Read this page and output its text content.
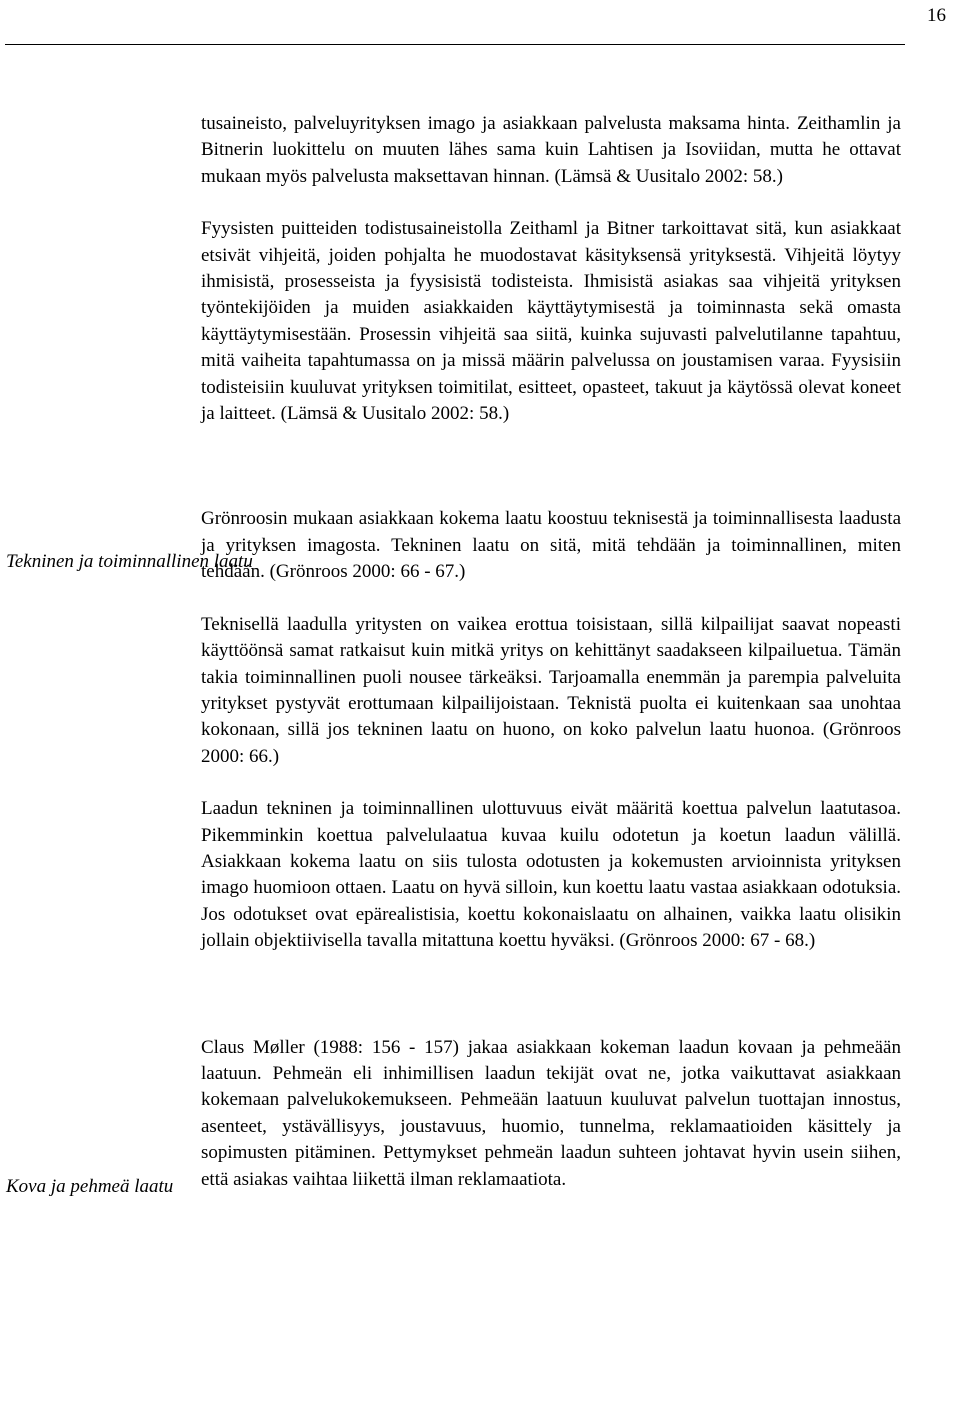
16
Tekninen ja toiminnallinen laatu
Kova ja pehmeä laatu

tusaineisto, palveluyrityksen imago ja asiakkaan palvelusta maksama hinta. Zeithamlin ja Bitnerin luokittelu on muuten lähes sama kuin Lahtisen ja Isoviidan, mutta he ottavat mukaan myös palvelusta maksettavan hinnan. (Lämsä & Uusitalo 2002: 58.)

Fyysisten puitteiden todistusaineistolla Zeithaml ja Bitner tarkoittavat sitä, kun asiakkaat etsivät vihjeitä, joiden pohjalta he muodostavat käsityksensä yrityksestä. Vihjeitä löytyy ihmisistä, prosesseista ja fyysisistä todisteista. Ihmisistä asiakas saa vihjeitä yrityksen työntekijöiden ja muiden asiakkaiden käyttäytymisestä ja toiminnasta sekä omasta käyttäytymisestään. Prosessin vihjeitä saa siitä, kuinka sujuvasti palvelutilanne tapahtuu, mitä vaiheita tapahtumassa on ja missä määrin palvelussa on joustamisen varaa. Fyysisiin todisteisiin kuuluvat yrityksen toimitilat, esitteet, opasteet, takuut ja käytössä olevat koneet ja laitteet. (Lämsä & Uusitalo 2002: 58.)

Grönroosin mukaan asiakkaan kokema laatu koostuu teknisestä ja toiminnallisesta laadusta ja yrityksen imagosta. Tekninen laatu on sitä, mitä tehdään ja toiminnallinen, miten tehdään. (Grönroos 2000: 66 - 67.)

Teknisellä laadulla yritysten on vaikea erottua toisistaan, sillä kilpailijat saavat nopeasti käyttöönsä samat ratkaisut kuin mitkä yritys on kehittänyt saadakseen kilpailuetua. Tämän takia toiminnallinen puoli nousee tärkeäksi. Tarjoamalla enemmän ja parempia palveluita yritykset pystyvät erottumaan kilpailijoistaan. Teknistä puolta ei kuitenkaan saa unohtaa kokonaan, sillä jos tekninen laatu on huono, on koko palvelun laatu huonoa. (Grönroos 2000: 66.)

Laadun tekninen ja toiminnallinen ulottuvuus eivät määritä koettua palvelun laatutasoa. Pikemminkin koettua palvelulaatua kuvaa kuilu odotetun ja koetun laadun välillä. Asiakkaan kokema laatu on siis tulosta odotusten ja kokemusten arvioinnista yrityksen imago huomioon ottaen. Laatu on hyvä silloin, kun koettu laatu vastaa asiakkaan odotuksia. Jos odotukset ovat epärealistisia, koettu kokonaislaatu on alhainen, vaikka laatu olisikin jollain objektiivisella tavalla mitattuna koettu hyväksi. (Grönroos 2000: 67 - 68.)

Claus Møller (1988: 156 - 157) jakaa asiakkaan kokeman laadun kovaan ja pehmeään laatuun. Pehmeän eli inhimillisen laadun tekijät ovat ne, jotka vaikuttavat asiakkaan kokemaan palvelukokemukseen. Pehmeään laatuun kuuluvat palvelun tuottajan innostus, asenteet, ystävällisyys, joustavuus, huomio, tunnelma, reklamaatioiden käsittely ja sopimusten pitäminen. Pettymykset pehmeän laadun suhteen johtavat hyvin usein siihen, että asiakas vaihtaa liikettä ilman reklamaatiota.
